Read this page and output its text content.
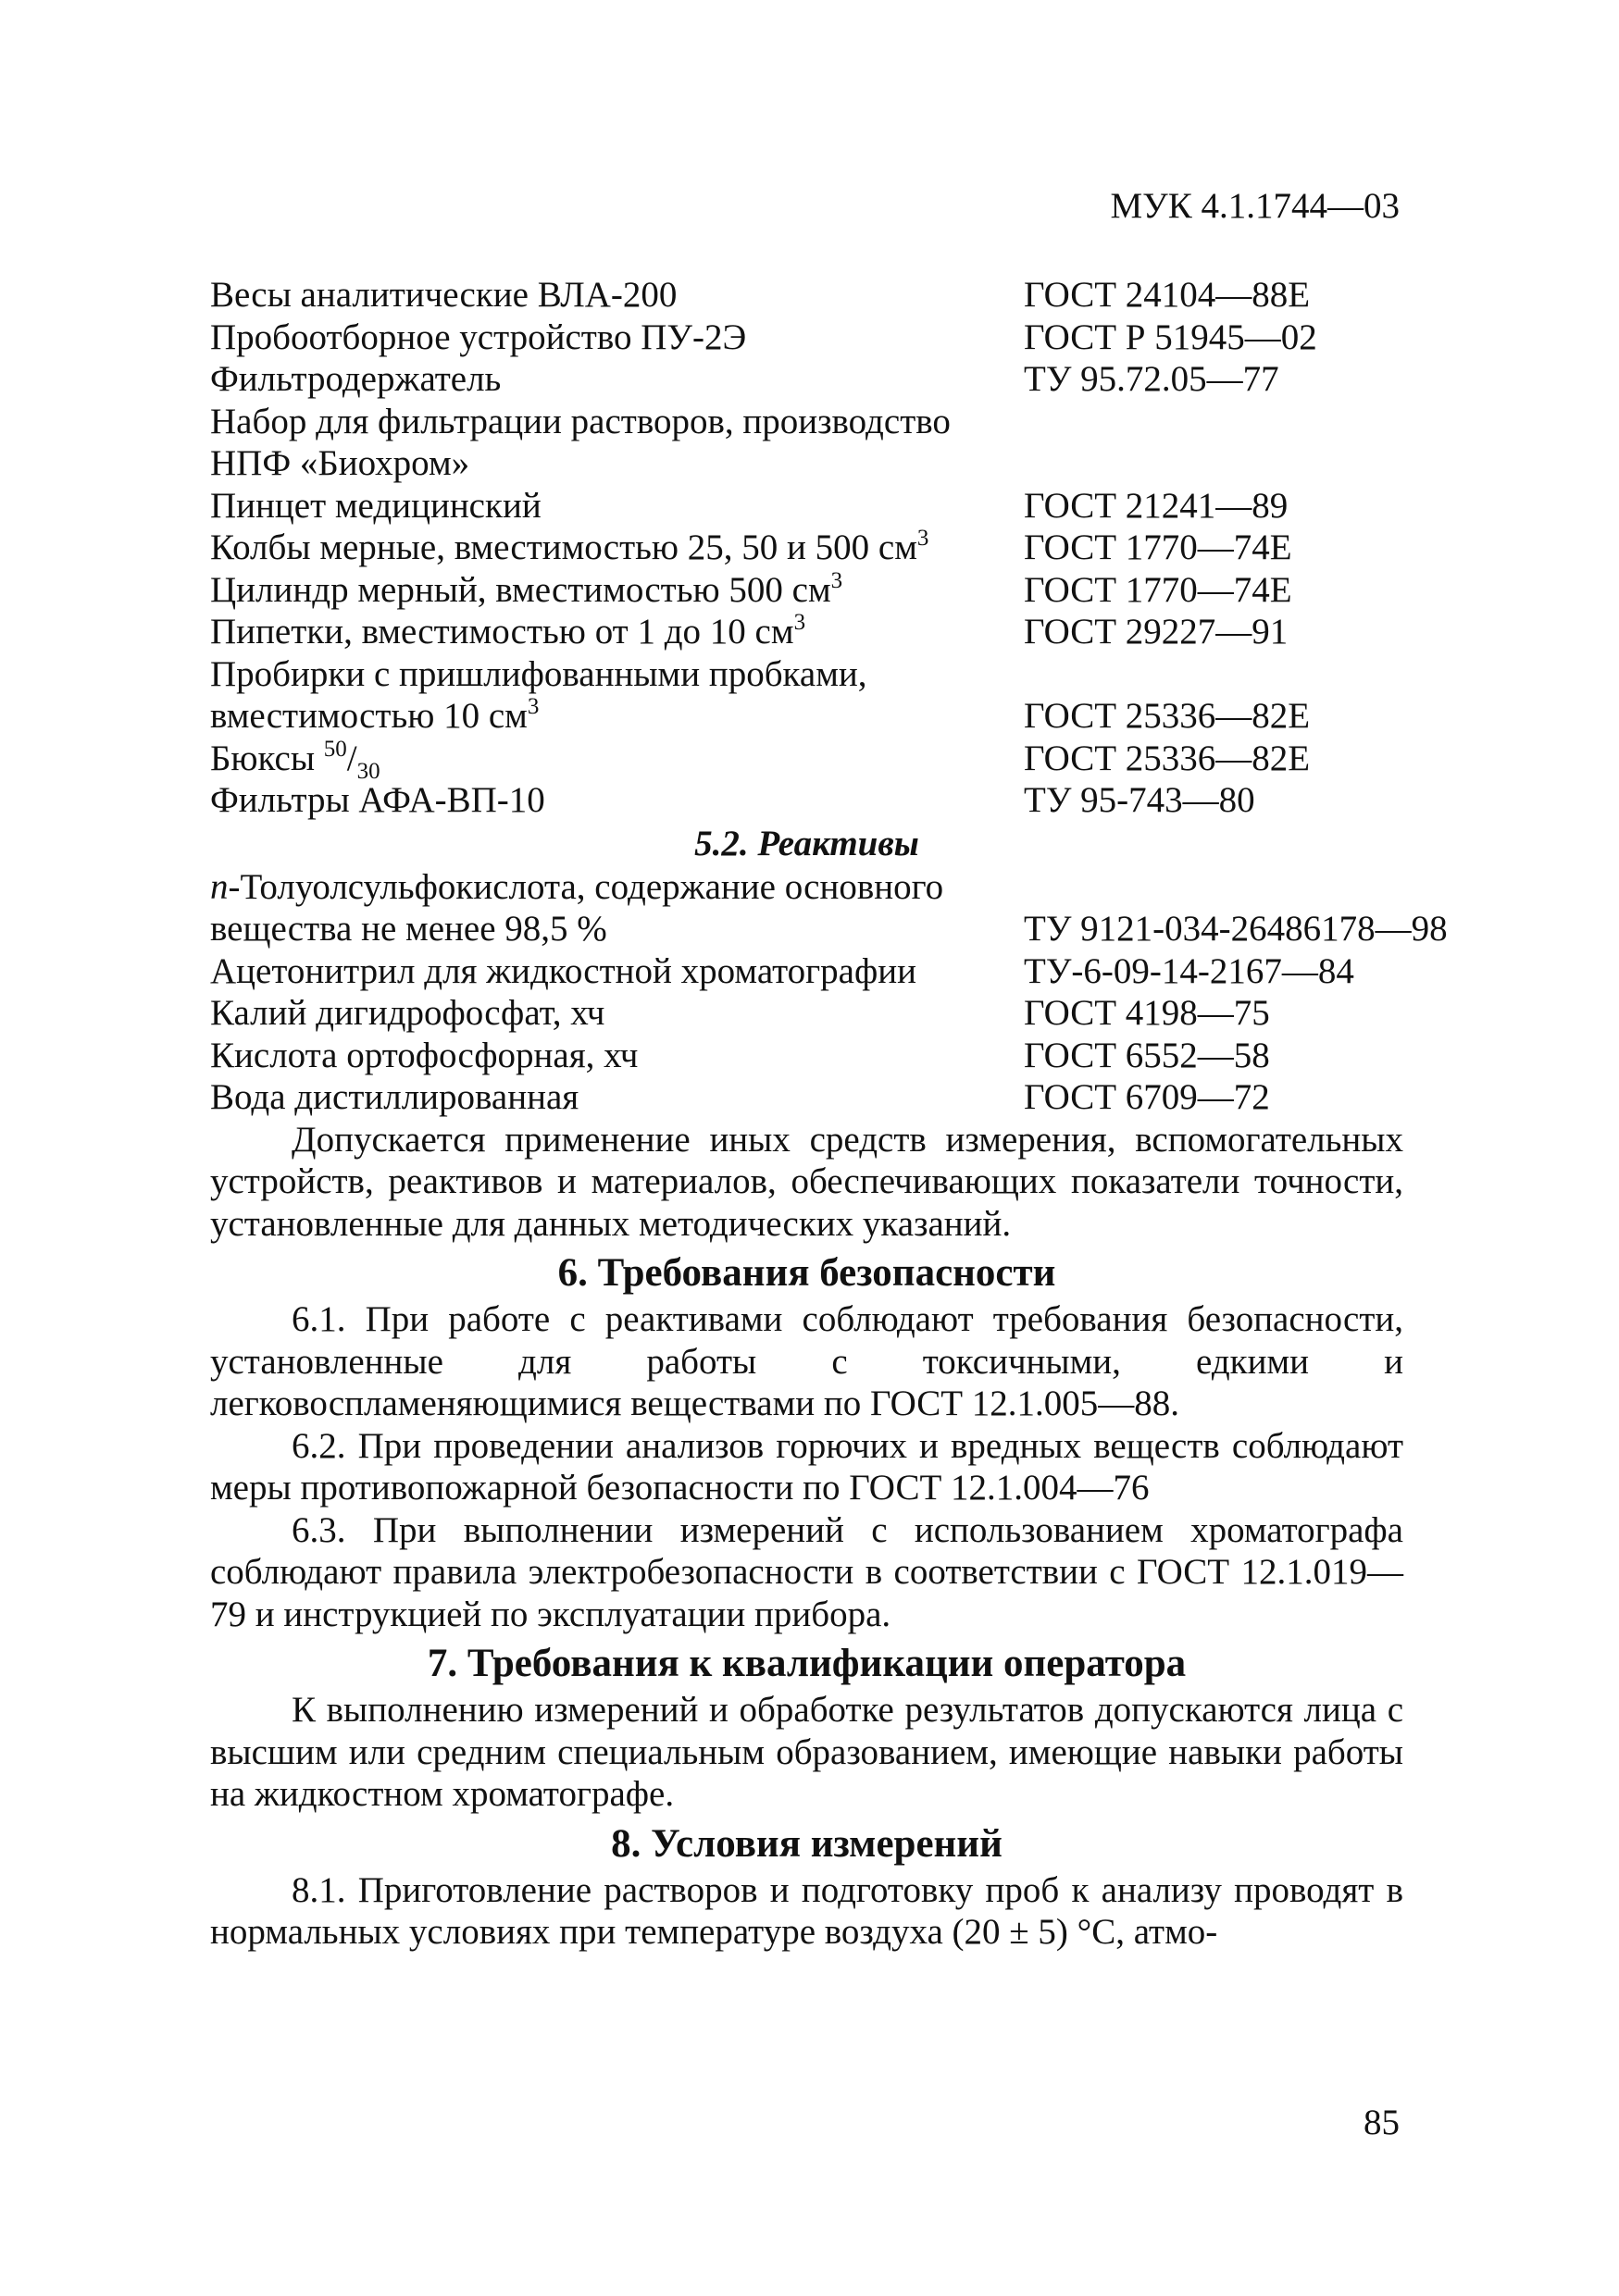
МУК 4.1.1744—03
Весы аналитические ВЛА-200	ГОСТ 24104—88Е
Пробоотборное устройство ПУ-2Э	ГОСТ Р 51945—02
Фильтродержатель	ТУ 95.72.05—77
Набор для фильтрации растворов, производство
НПФ «Биохром»
Пинцет медицинский	ГОСТ 21241—89
Колбы мерные, вместимостью 25, 50 и 500 $см^3$	ГОСТ 1770—74Е
Цилиндр мерный, вместимостью 500 $см^3$	ГОСТ 1770—74Е
Пипетки, вместимостью от 1 до 10 $см^3$	ГОСТ 29227—91
Пробирки с пришлифованными пробками,
вместимостью 10 $см^3$	ГОСТ 25336—82Е
Бюксы $^{50}/_{30}$	ГОСТ 25336—82Е
Фильтры АФА-ВП-10	ТУ 95-743—80
5.2. Реактивы
n-Толуолсульфокислота, содержание основного
вещества не менее 98,5 %	ТУ 9121-034-26486178—98
Ацетонитрил для жидкостной хроматографии	ТУ-6-09-14-2167—84
Калий дигидрофосфат, хч	ГОСТ 4198—75
Кислота ортофосфорная, хч	ГОСТ 6552—58
Вода дистиллированная	ГОСТ 6709—72
Допускается применение иных средств измерения, вспомогательных устройств, реактивов и материалов, обеспечивающих показатели точности, установленные для данных методических указаний.
6. Требования безопасности
6.1. При работе с реактивами соблюдают требования безопасности, установленные для работы с токсичными, едкими и легковоспламеняющимися веществами по ГОСТ 12.1.005—88.
6.2. При проведении анализов горючих и вредных веществ соблюдают меры противопожарной безопасности по ГОСТ 12.1.004—76
6.3. При выполнении измерений с использованием хроматографа соблюдают правила электробезопасности в соответствии с ГОСТ 12.1.019—79 и инструкцией по эксплуатации прибора.
7. Требования к квалификации оператора
К выполнению измерений и обработке результатов допускаются лица с высшим или средним специальным образованием, имеющие навыки работы на жидкостном хроматографе.
8. Условия измерений
8.1. Приготовление растворов и подготовку проб к анализу проводят в нормальных условиях при температуре воздуха (20 ± 5) °С, атмо-
85
